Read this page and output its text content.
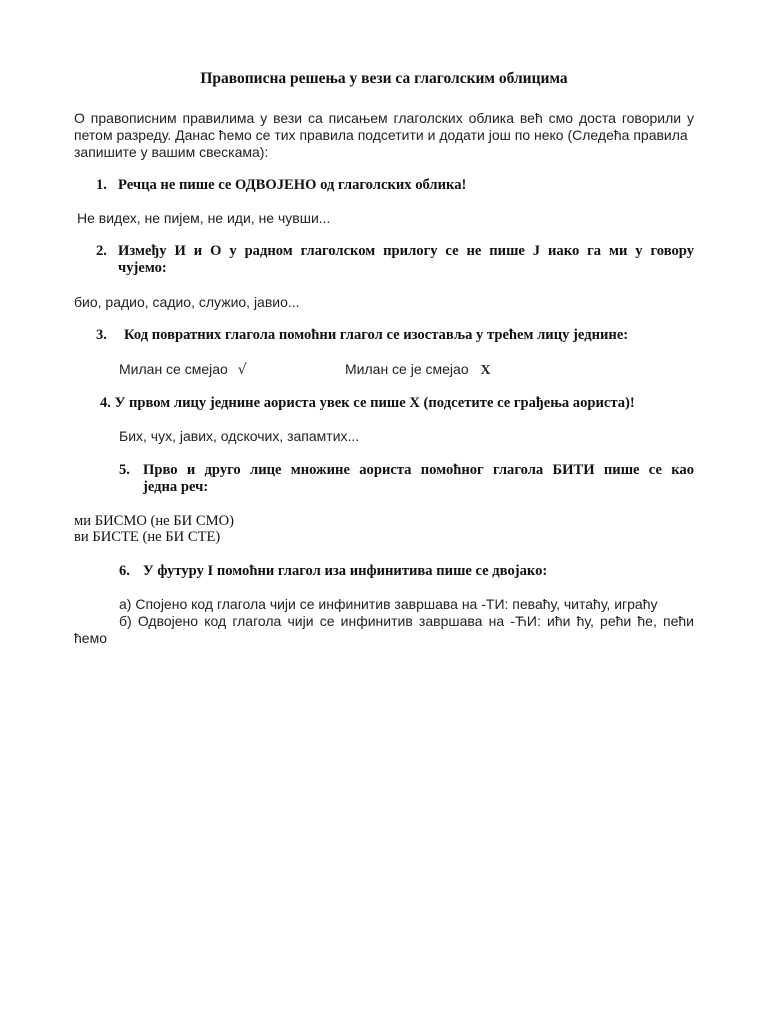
Правописна решења у вези са глаголским облицима
О правописним правилима у вези са писањем глаголских облика већ смо доста говорили у
петом разреду. Данас ћемо се тих правила подсетити и додати још по неко (Следећа правила
запишите у вашим свескама):
1. Речца не пише се ОДВОЈЕНО од глаголских облика!
Не видех, не пијем, не иди, не чувши...
2. Између И и О у радном глаголском прилогу се не пише Ј иако га ми у говору
чујемо:
био, радио, садио, служио, јавио...
3. Код повратних глагола помоћни глагол се изоставља у трећем лицу једнине:
Милан се смејао √	Милан се је смејао X
4. У првом лицу једнине аориста увек се пише Х (подсетите се грађења аориста)!
Бих, чух, јавих, одскочих, запамтих...
5. Прво и друго лице множине аориста помоћног глагола БИТИ пише се као
једна реч:
ми БИСМО (не БИ СМО)
ви БИСТЕ (не БИ СТЕ)
6. У футуру I помоћни глагол иза инфинитива пише се двојако:
а) Спојено код глагола чији се инфинитив завршава на -ТИ: певаћу, читаћу, играћу
б) Одвојено код глагола чији се инфинитив завршава на -ЋИ: ићи ћу, рећи ће, пећи
ћемо
